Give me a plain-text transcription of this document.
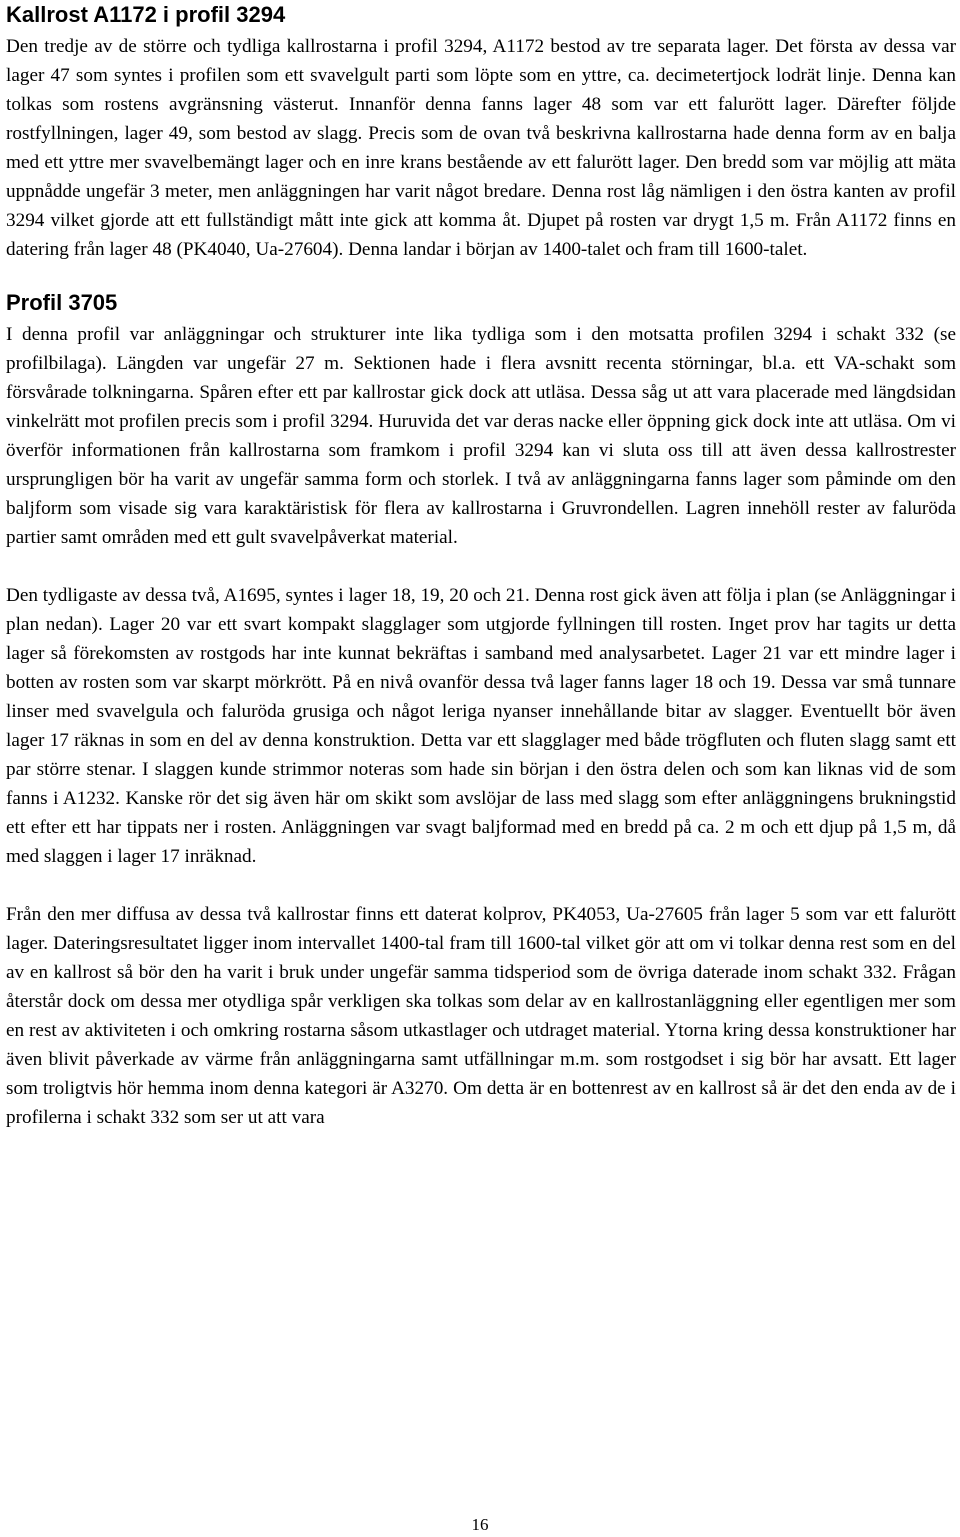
Kallrost A1172 i profil 3294

Den tredje av de större och tydliga kallrostarna i profil 3294, A1172 bestod av tre separata lager. Det första av dessa var lager 47 som syntes i profilen som ett svavelgult parti som löpte som en yttre, ca. decimetertjock lodrät linje. Denna kan tolkas som rostens avgränsning västerut. Innanför denna fanns lager 48 som var ett falurött lager. Därefter följde rostfyllningen, lager 49, som bestod av slagg. Precis som de ovan två beskrivna kallrostarna hade denna form av en balja med ett yttre mer svavelbemängt lager och en inre krans bestående av ett falurött lager. Den bredd som var möjlig att mäta uppnådde ungefär 3 meter, men anläggningen har varit något bredare. Denna rost låg nämligen i den östra kanten av profil 3294 vilket gjorde att ett fullständigt mått inte gick att komma åt. Djupet på rosten var drygt 1,5 m. Från A1172 finns en datering från lager 48 (PK4040, Ua-27604). Denna landar i början av 1400-talet och fram till 1600-talet.

Profil 3705

I denna profil var anläggningar och strukturer inte lika tydliga som i den motsatta profilen 3294 i schakt 332 (se profilbilaga). Längden var ungefär 27 m. Sektionen hade i flera avsnitt recenta störningar, bl.a. ett VA-schakt som försvårade tolkningarna. Spåren efter ett par kallrostar gick dock att utläsa. Dessa såg ut att vara placerade med längdsidan vinkelrätt mot profilen precis som i profil 3294. Huruvida det var deras nacke eller öppning gick dock inte att utläsa. Om vi överför informationen från kallrostarna som framkom i profil 3294 kan vi sluta oss till att även dessa kallrostrester ursprungligen bör ha varit av ungefär samma form och storlek. I två av anläggningarna fanns lager som påminde om den baljform som visade sig vara karaktäristisk för flera av kallrostarna i Gruvrondellen. Lagren innehöll rester av faluröda partier samt områden med ett gult svavelpåverkat material.

Den tydligaste av dessa två, A1695, syntes i lager 18, 19, 20 och 21. Denna rost gick även att följa i plan (se Anläggningar i plan nedan). Lager 20 var ett svart kompakt slagglager som utgjorde fyllningen till rosten. Inget prov har tagits ur detta lager så förekomsten av rostgods har inte kunnat bekräftas i samband med analysarbetet. Lager 21 var ett mindre lager i botten av rosten som var skarpt mörkrött. På en nivå ovanför dessa två lager fanns lager 18 och 19. Dessa var små tunnare linser med svavelgula och faluröda grusiga och något leriga nyanser innehållande bitar av slagger. Eventuellt bör även lager 17 räknas in som en del av denna konstruktion. Detta var ett slagglager med både trögfluten och fluten slagg samt ett par större stenar. I slaggen kunde strimmor noteras som hade sin början i den östra delen och som kan liknas vid de som fanns i A1232. Kanske rör det sig även här om skikt som avslöjar de lass med slagg som efter anläggningens brukningstid ett efter ett har tippats ner i rosten. Anläggningen var svagt baljformad med en bredd på ca. 2 m och ett djup på 1,5 m, då med slaggen i lager 17 inräknad.

Från den mer diffusa av dessa två kallrostar finns ett daterat kolprov, PK4053, Ua-27605 från lager 5 som var ett falurött lager. Dateringsresultatet ligger inom intervallet 1400-tal fram till 1600-tal vilket gör att om vi tolkar denna rest som en del av en kallrost så bör den ha varit i bruk under ungefär samma tidsperiod som de övriga daterade inom schakt 332. Frågan återstår dock om dessa mer otydliga spår verkligen ska tolkas som delar av en kallrostanläggning eller egentligen mer som en rest av aktiviteten i och omkring rostarna såsom utkastlager och utdraget material. Ytorna kring dessa konstruktioner har även blivit påverkade av värme från anläggningarna samt utfällningar m.m. som rostgodset i sig bör har avsatt. Ett lager som troligtvis hör hemma inom denna kategori är A3270. Om detta är en bottenrest av en kallrost så är det den enda av de i profilerna i schakt 332 som ser ut att vara

16
